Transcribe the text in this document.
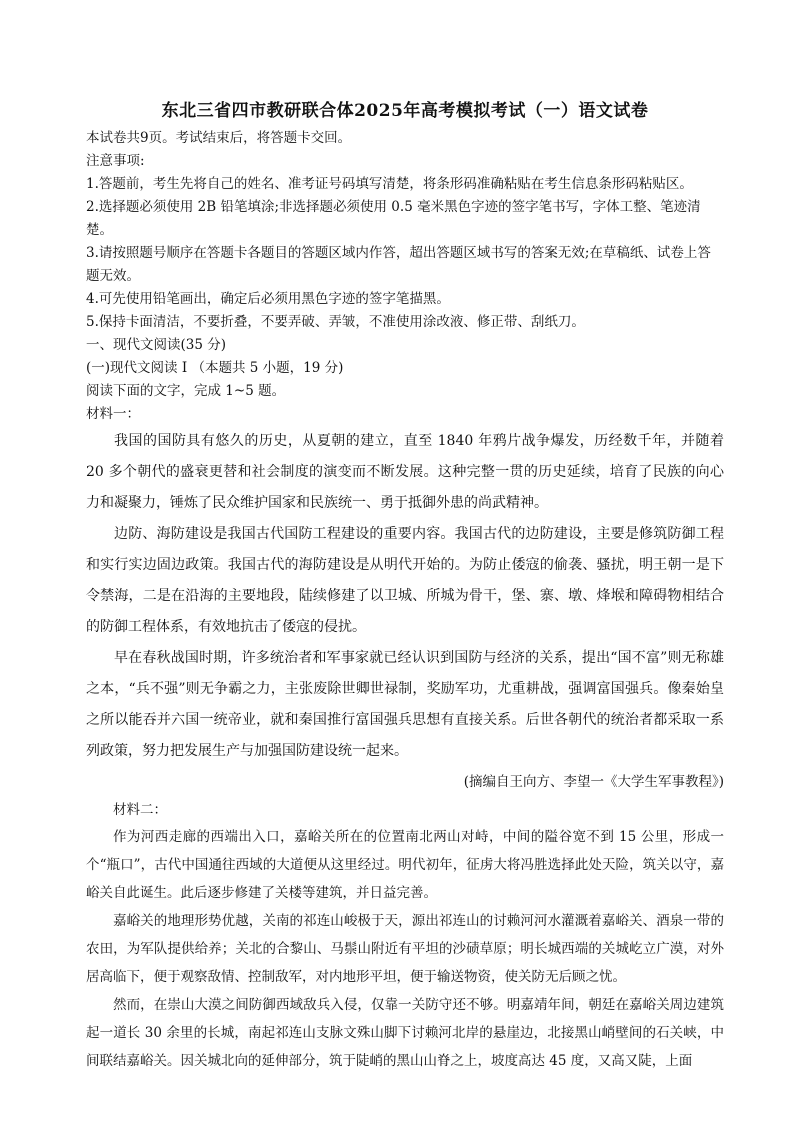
东北三省四市教研联合体2025年高考模拟考试（一）语文试卷

本试卷共9页。考试结束后，将答题卡交回。

注意事项:

1.答题前，考生先将自己的姓名、准考证号码填写清楚，将条形码准确粘贴在考生信息条形码粘贴区。

2.选择题必须使用 2B 铅笔填涂;非选择题必须使用 0.5 毫米黑色字迹的签字笔书写，字体工整、笔迹清楚。

3.请按照题号顺序在答题卡各题目的答题区域内作答，超出答题区域书写的答案无效;在草稿纸、试卷上答题无效。

4.可先使用铅笔画出，确定后必须用黑色字迹的签字笔描黑。

5.保持卡面清洁，不要折叠，不要弄破、弄皱，不准使用涂改液、修正带、刮纸刀。

一、现代文阅读(35 分)

(一)现代文阅读 I （本题共 5 小题，19 分)

阅读下面的文字，完成 1~5 题。

材料一：

我国的国防具有悠久的历史，从夏朝的建立，直至 1840 年鸦片战争爆发，历经数千年，并随着 20 多个朝代的盛衰更替和社会制度的演变而不断发展。这种完整一贯的历史延续，培育了民族的向心力和凝聚力，锤炼了民众维护国家和民族统一、勇于抵御外患的尚武精神。

边防、海防建设是我国古代国防工程建设的重要内容。我国古代的边防建设，主要是修筑防御工程和实行实边固边政策。我国古代的海防建设是从明代开始的。为防止倭寇的偷袭、骚扰，明王朝一是下令禁海，二是在沿海的主要地段，陆续修建了以卫城、所城为骨干，堡、寨、墩、烽堠和障碍物相结合的防御工程体系，有效地抗击了倭寇的侵扰。

早在春秋战国时期，许多统治者和军事家就已经认识到国防与经济的关系，提出“国不富”则无称雄之本，“兵不强”则无争霸之力，主张废除世卿世禄制，奖励军功，尤重耕战，强调富国强兵。像秦始皇之所以能吞并六国一统帝业，就和秦国推行富国强兵思想有直接关系。后世各朝代的统治者都采取一系列政策，努力把发展生产与加强国防建设统一起来。

(摘编自王向方、李望一《大学生军事教程》)

材料二：

作为河西走廊的西端出入口，嘉峪关所在的位置南北两山对峙，中间的隘谷宽不到 15 公里，形成一个“瓶口”，古代中国通往西域的大道便从这里经过。明代初年，征虏大将冯胜选择此处天险，筑关以守，嘉峪关自此诞生。此后逐步修建了关楼等建筑，并日益完善。

嘉峪关的地理形势优越，关南的祁连山峻极于天，源出祁连山的讨赖河河水灌溉着嘉峪关、酒泉一带的农田，为军队提供给养；关北的合黎山、马鬃山附近有平坦的沙碛草原；明长城西端的关城屹立广漠，对外居高临下，便于观察敌情、控制敌军，对内地形平坦，便于输送物资，使关防无后顾之忧。

然而，在崇山大漠之间防御西域敌兵入侵，仅靠一关防守还不够。明嘉靖年间，朝廷在嘉峪关周边建筑起一道长 30 余里的长城，南起祁连山支脉文殊山脚下讨赖河北岸的悬崖边，北接黑山峭壁间的石关峡，中间联结嘉峪关。因关城北向的延伸部分，筑于陡峭的黑山山脊之上，坡度高达 45 度，又高又陡，上面
